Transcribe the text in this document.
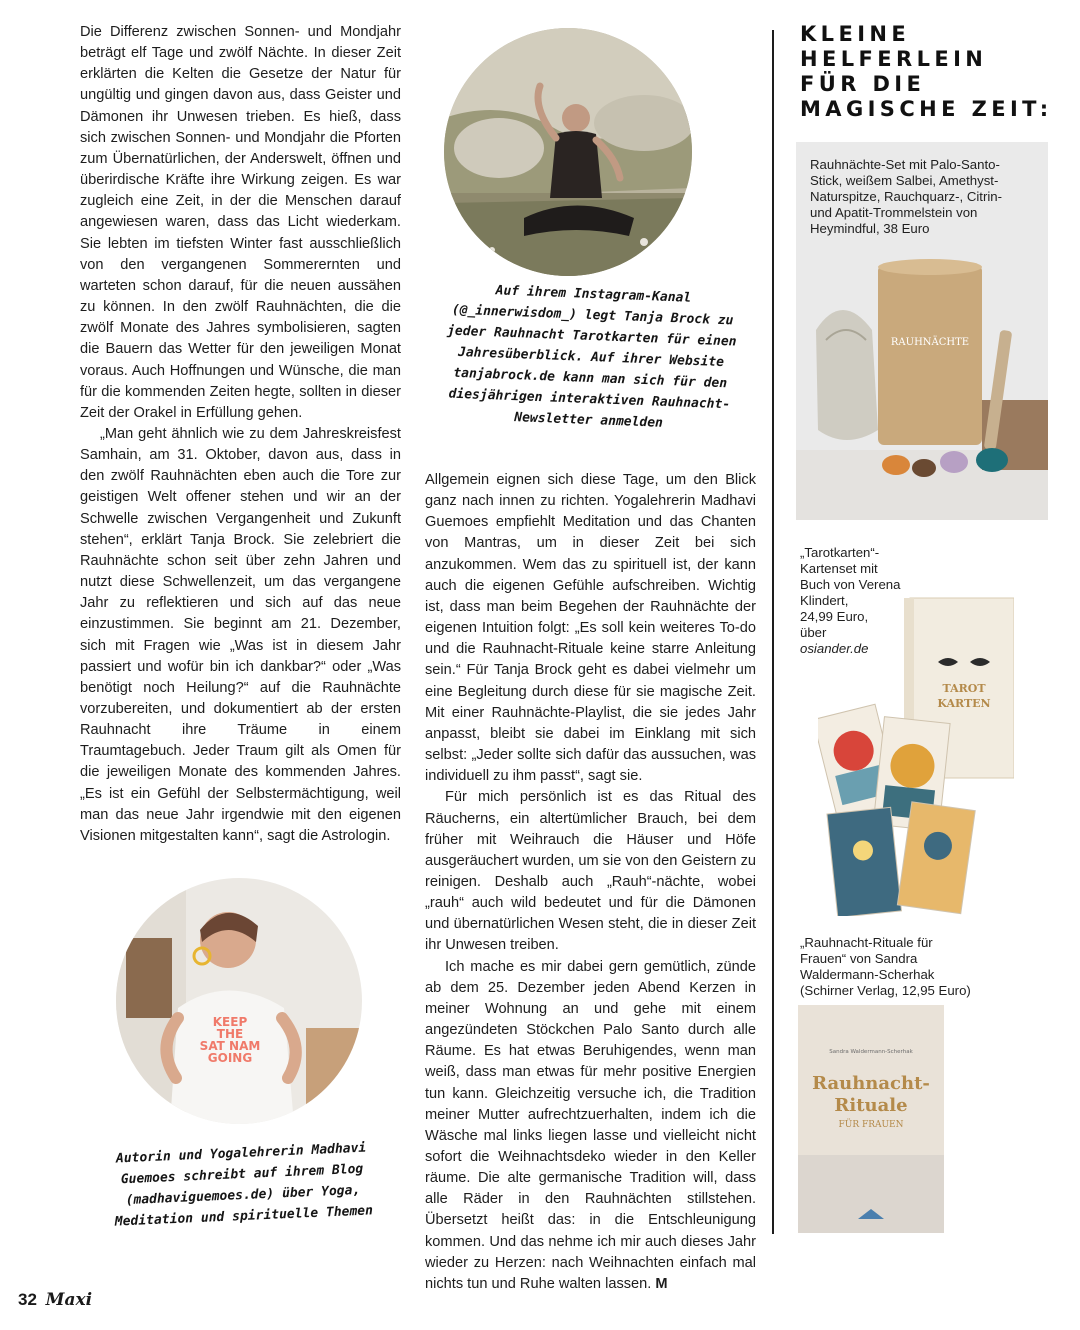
Die Differenz zwischen Sonnen- und Mondjahr beträgt elf Tage und zwölf Nächte. In dieser Zeit erklärten die Kelten die Gesetze der Natur für ungültig und gingen davon aus, dass Geister und Dämonen ihr Unwesen trieben. Es hieß, dass sich zwischen Sonnen- und Mondjahr die Pforten zum Übernatürlichen, der Anderswelt, öffnen und überirdische Kräfte ihre Wirkung zeigen. Es war zugleich eine Zeit, in der die Menschen darauf angewiesen waren, dass das Licht wiederkam. Sie lebten im tiefsten Winter fast ausschließlich von den vergangenen Sommerernten und warteten schon darauf, für die neuen aussähen zu können. In den zwölf Rauhnächten, die die zwölf Monate des Jahres symbolisieren, sagten die Bauern das Wetter für den jeweiligen Monat voraus. Auch Hoffnungen und Wünsche, die man für die kommenden Zeiten hegte, sollten in dieser Zeit der Orakel in Erfüllung gehen.

„Man geht ähnlich wie zu dem Jahreskreisfest Samhain, am 31. Oktober, davon aus, dass in den zwölf Rauhnächten eben auch die Tore zur geistigen Welt offener stehen und wir an der Schwelle zwischen Vergangenheit und Zukunft stehen“, erklärt Tanja Brock. Sie zelebriert die Rauhnächte schon seit über zehn Jahren und nutzt diese Schwellenzeit, um das vergangene Jahr zu reflektieren und sich auf das neue einzustimmen. Sie beginnt am 21. Dezember, sich mit Fragen wie „Was ist in diesem Jahr passiert und wofür bin ich dankbar?“ oder „Was benötigt noch Heilung?“ auf die Rauhnächte vorzubereiten, und dokumentiert ab der ersten Rauhnacht ihre Träume in einem Traumtagebuch. Jeder Traum gilt als Omen für die jeweiligen Monate des kommenden Jahres. „Es ist ein Gefühl der Selbstermächtigung, weil man das neue Jahr irgendwie mit den eigenen Visionen mitgestalten kann“, sagt die Astrologin.

Auf ihrem Instagram-Kanal
(@_innerwisdom_) legt Tanja Brock zu
jeder Rauhnacht Tarotkarten für einen
Jahresüberblick. Auf ihrer Website
tanjabrock.de kann man sich für den
diesjährigen interaktiven Rauhnacht-
Newsletter anmelden

Allgemein eignen sich diese Tage, um den Blick ganz nach innen zu richten. Yogalehrerin Madhavi Guemoes empfiehlt Meditation und das Chanten von Mantras, um in dieser Zeit bei sich anzukommen. Wem das zu spirituell ist, der kann auch die eigenen Gefühle aufschreiben. Wichtig ist, dass man beim Begehen der Rauhnächte der eigenen Intuition folgt: „Es soll kein weiteres To-do und die Rauhnacht-Rituale keine starre Anleitung sein.“ Für Tanja Brock geht es dabei vielmehr um eine Begleitung durch diese für sie magische Zeit. Mit einer Rauhnächte-Playlist, die sie jedes Jahr anpasst, bleibt sie dabei im Einklang mit sich selbst: „Jeder sollte sich dafür das aussuchen, was individuell zu ihm passt“, sagt sie.

Für mich persönlich ist es das Ritual des Räucherns, ein altertümlicher Brauch, bei dem früher mit Weihrauch die Häuser und Höfe ausgeräuchert wurden, um sie von den Geistern zu reinigen. Deshalb auch „Rauh“-nächte, wobei „rauh“ auch wild bedeutet und für die Dämonen und übernatürlichen Wesen steht, die in dieser Zeit ihr Unwesen treiben.

Ich mache es mir dabei gern gemütlich, zünde ab dem 25. Dezember jeden Abend Kerzen in meiner Wohnung an und gehe mit einem angezündeten Stöckchen Palo Santo durch alle Räume. Es hat etwas Beruhigendes, wenn man weiß, dass man etwas für mehr positive Energien tun kann. Gleichzeitig versuche ich, die Tradition meiner Mutter aufrechtzuerhalten, indem ich die Wäsche mal links liegen lasse und vielleicht nicht sofort die Weihnachtsdeko wieder in den Keller räume. Die alte germanische Tradition will, dass alle Räder in den Rauhnächten stillstehen. Übersetzt heißt das: in die Entschleunigung kommen. Und das nehme ich mir auch dieses Jahr wieder zu Herzen: nach Weihnachten einfach mal nichts tun und Ruhe walten lassen. M

KEEP
THE
SAT NAM
GOING
Autorin und Yogalehrerin Madhavi
Guemoes schreibt auf ihrem Blog
(madhaviguemoes.de) über Yoga,
Meditation und spirituelle Themen
KLEINE
HELFERLEIN
FÜR DIE
MAGISCHE ZEIT:
Rauhnächte-Set mit Palo-Santo-
Stick, weißem Salbei, Amethyst-
Naturspitze, Rauchquarz-, Citrin-
und Apatit-Trommelstein von
Heymindful, 38 Euro
RAUHNÄCHTE
„Tarotkarten“-
Kartenset mit
Buch von Verena
Klindert,
24,99 Euro,
über
osiander.de
TAROT
KARTEN
„Rauhnacht-Rituale für
Frauen“ von Sandra
Waldermann-Scherhak
(Schirner Verlag, 12,95 Euro)
Sandra Waldermann-Scherhak
Rauhnacht-
Rituale
FÜR FRAUEN
32 Maxi
